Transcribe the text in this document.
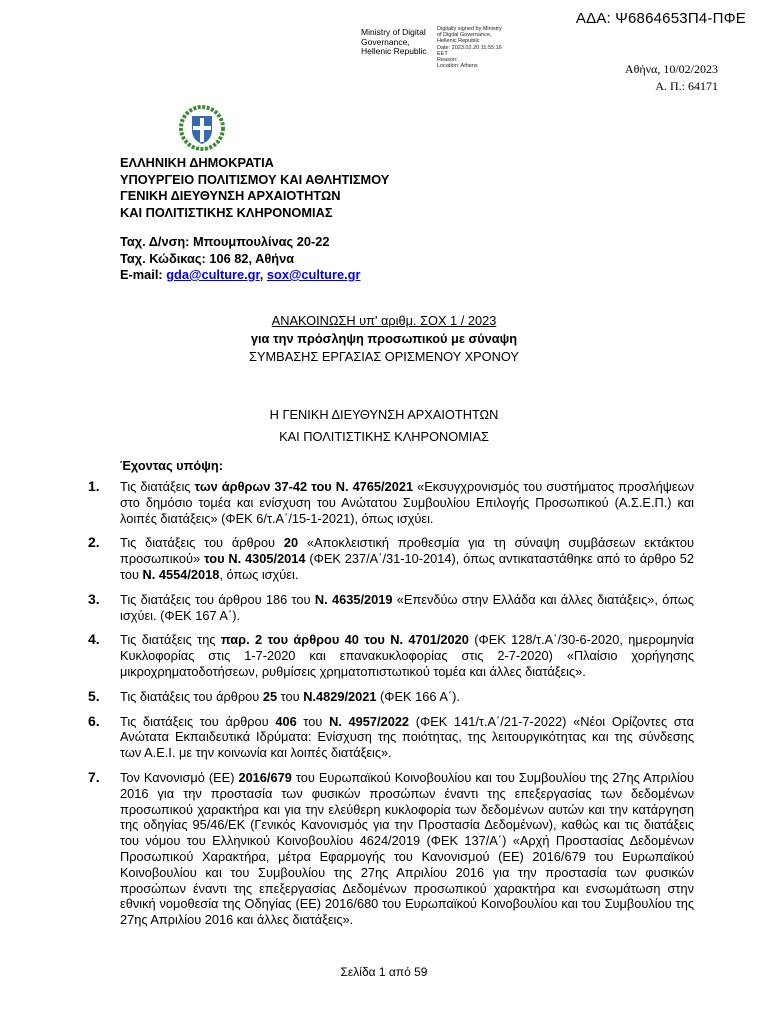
ΑΔΑ: Ψ6864653Π4-ΠΦΕ
Ministry of Digital
Governance,
Hellenic Republic
Digitally signed by Ministry
of Digital Governance,
Hellenic Republic
Date: 2023.02.20 11:55:16
EET
Reason:
Location: Athens	Αθήνα, 10/02/2023
Α. Π.: 64171
ΕΛΛΗΝΙΚΗ ΔΗΜΟΚΡΑΤΙΑ
ΥΠΟΥΡΓΕΙΟ ΠΟΛΙΤΙΣΜΟΥ ΚΑΙ ΑΘΛΗΤΙΣΜΟΥ
ΓΕΝΙΚΗ ΔΙΕΥΘΥΝΣΗ ΑΡΧΑΙΟΤΗΤΩΝ
ΚΑΙ ΠΟΛΙΤΙΣΤΙΚΗΣ ΚΛΗΡΟΝΟΜΙΑΣ
Ταχ. Δ/νση: Μπουμπουλίνας 20-22
Ταχ. Κώδικας: 106 82, Αθήνα
E-mail: gda@culture.gr, sox@culture.gr
ΑΝΑΚΟΙΝΩΣΗ υπ' αριθμ. ΣΟΧ 1 / 2023
για την πρόσληψη προσωπικού με σύναψη
ΣΥΜΒΑΣΗΣ ΕΡΓΑΣΙΑΣ ΟΡΙΣΜΕΝΟΥ ΧΡΟΝΟΥ
Η ΓΕΝΙΚΗ ΔΙΕΥΘΥΝΣΗ ΑΡΧΑΙΟΤΗΤΩΝ
ΚΑΙ ΠΟΛΙΤΙΣΤΙΚΗΣ ΚΛΗΡΟΝΟΜΙΑΣ
Έχοντας υπόψη:
1. Τις διατάξεις των άρθρων 37-42 του Ν. 4765/2021 «Εκσυγχρονισμός του συστήματος προσλήψεων στο δημόσιο τομέα και ενίσχυση του Ανώτατου Συμβουλίου Επιλογής Προσωπικού (Α.Σ.Ε.Π.) και λοιπές διατάξεις» (ΦΕΚ 6/τ.Α΄/15-1-2021), όπως ισχύει.
2. Τις διατάξεις του άρθρου 20 «Αποκλειστική προθεσμία για τη σύναψη συμβάσεων εκτάκτου προσωπικού» του Ν. 4305/2014 (ΦΕΚ 237/Α΄/31-10-2014), όπως αντικαταστάθηκε από το άρθρο 52 του Ν. 4554/2018, όπως ισχύει.
3. Τις διατάξεις του άρθρου 186 του Ν. 4635/2019 «Επενδύω στην Ελλάδα και άλλες διατάξεις», όπως ισχύει. (ΦΕΚ 167 Α΄).
4. Τις διατάξεις της παρ. 2 του άρθρου 40 του Ν. 4701/2020 (ΦΕΚ 128/τ.Α΄/30-6-2020, ημερομηνία Κυκλοφορίας στις 1-7-2020 και επανακυκλοφορίας στις 2-7-2020) «Πλαίσιο χορήγησης μικροχρηματοδοτήσεων, ρυθμίσεις χρηματοπιστωτικού τομέα και άλλες διατάξεις».
5. Τις διατάξεις του άρθρου 25 του Ν.4829/2021 (ΦΕΚ 166 Α΄).
6. Τις διατάξεις του άρθρου 406 του Ν. 4957/2022 (ΦΕΚ 141/τ.Α΄/21-7-2022) «Νέοι Ορίζοντες στα Ανώτατα Εκπαιδευτικά Ιδρύματα: Ενίσχυση της ποιότητας, της λειτουργικότητας και της σύνδεσης των Α.Ε.Ι. με την κοινωνία και λοιπές διατάξεις».
7. Τον Κανονισμό (ΕΕ) 2016/679 του Ευρωπαϊκού Κοινοβουλίου και του Συμβουλίου της 27ης Απριλίου 2016 για την προστασία των φυσικών προσώπων έναντι της επεξεργασίας των δεδομένων προσωπικού χαρακτήρα και για την ελεύθερη κυκλοφορία των δεδομένων αυτών και την κατάργηση της οδηγίας 95/46/ΕΚ (Γενικός Κανονισμός για την Προστασία Δεδομένων), καθώς και τις διατάξεις του νόμου του Ελληνικού Κοινοβουλίου 4624/2019 (ΦΕΚ 137/Α΄) «Αρχή Προστασίας Δεδομένων Προσωπικού Χαρακτήρα, μέτρα Εφαρμογής του Κανονισμού (ΕΕ) 2016/679 του Ευρωπαϊκού Κοινοβουλίου και του Συμβουλίου της 27ης Απριλίου 2016 για την προστασία των φυσικών προσώπων έναντι της επεξεργασίας Δεδομένων προσωπικού χαρακτήρα και ενσωμάτωση στην εθνική νομοθεσία της Οδηγίας (ΕΕ) 2016/680 του Ευρωπαϊκού Κοινοβουλίου και του Συμβουλίου της 27ης Απριλίου 2016 και άλλες διατάξεις».
Σελίδα 1 από 59
